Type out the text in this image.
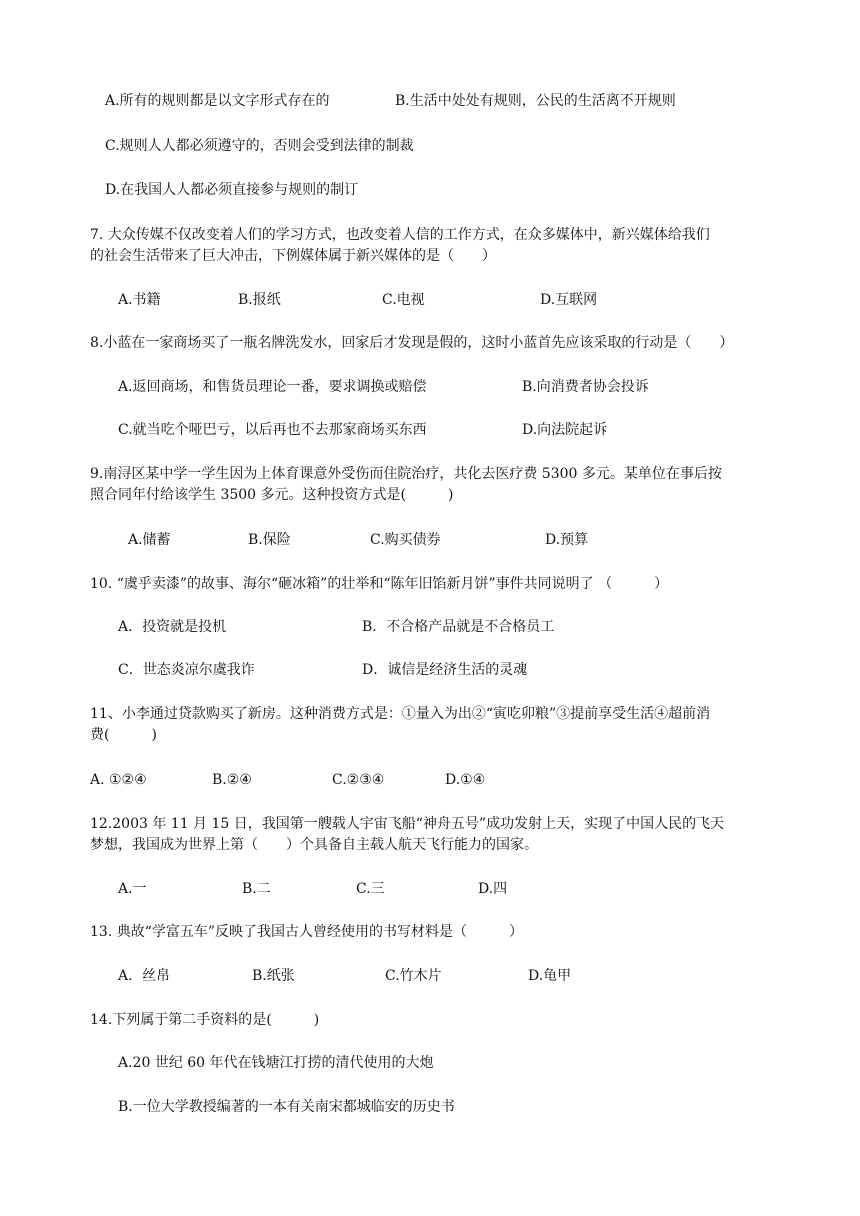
A.所有的规则都是以文字形式存在的	B.生活中处处有规则，公民的生活离不开规则
C.规则人人都必须遵守的，否则会受到法律的制裁
D.在我国人人都必须直接参与规则的制订
7. 大众传媒不仅改变着人们的学习方式，也改变着人信的工作方式，在众多媒体中，新兴媒体给我们
的社会生活带来了巨大冲击，下例媒体属于新兴媒体的是（　　）
A.书籍	B.报纸	C.电视	D.互联网
8.小蓝在一家商场买了一瓶名牌洗发水，回家后才发现是假的，这时小蓝首先应该采取的行动是（　　）
A.返回商场，和售货员理论一番，要求调换或赔偿	B.向消费者协会投诉
C.就当吃个哑巴亏，以后再也不去那家商场买东西	D.向法院起诉
9.南浔区某中学一学生因为上体育课意外受伤而住院治疗，共化去医疗费 5300 多元。某单位在事后按
照合同年付给该学生 3500 多元。这种投资方式是(　　　)
A.储蓄	B.保险	C.购买债券	D.预算
10. “虞乎卖漆”的故事、海尔“砸冰箱”的壮举和“陈年旧馅新月饼”事件共同说明了 （　　　）
A．投资就是投机	B．不合格产品就是不合格员工
C．世态炎凉尔虞我诈	D．诚信是经济生活的灵魂
11、小李通过贷款购买了新房。这种消费方式是：①量入为出②“寅吃卯粮”③提前享受生活④超前消
费(　　　)
A. ①②④	B.②④	C.②③④	D.①④
12.2003 年 11 月 15 日，我国第一艘载人宇宙飞船“神舟五号”成功发射上天，实现了中国人民的飞天
梦想，我国成为世界上第（　　）个具备自主载人航天飞行能力的国家。
A.一	B.二	C.三	D.四
13. 典故“学富五车”反映了我国古人曾经使用的书写材料是（　　　）
A．丝帛	B.纸张	C.竹木片	D.龟甲
14.下列属于第二手资料的是(　　　)
A.20 世纪 60 年代在钱塘江打捞的清代使用的大炮
B.一位大学教授编著的一本有关南宋都城临安的历史书
